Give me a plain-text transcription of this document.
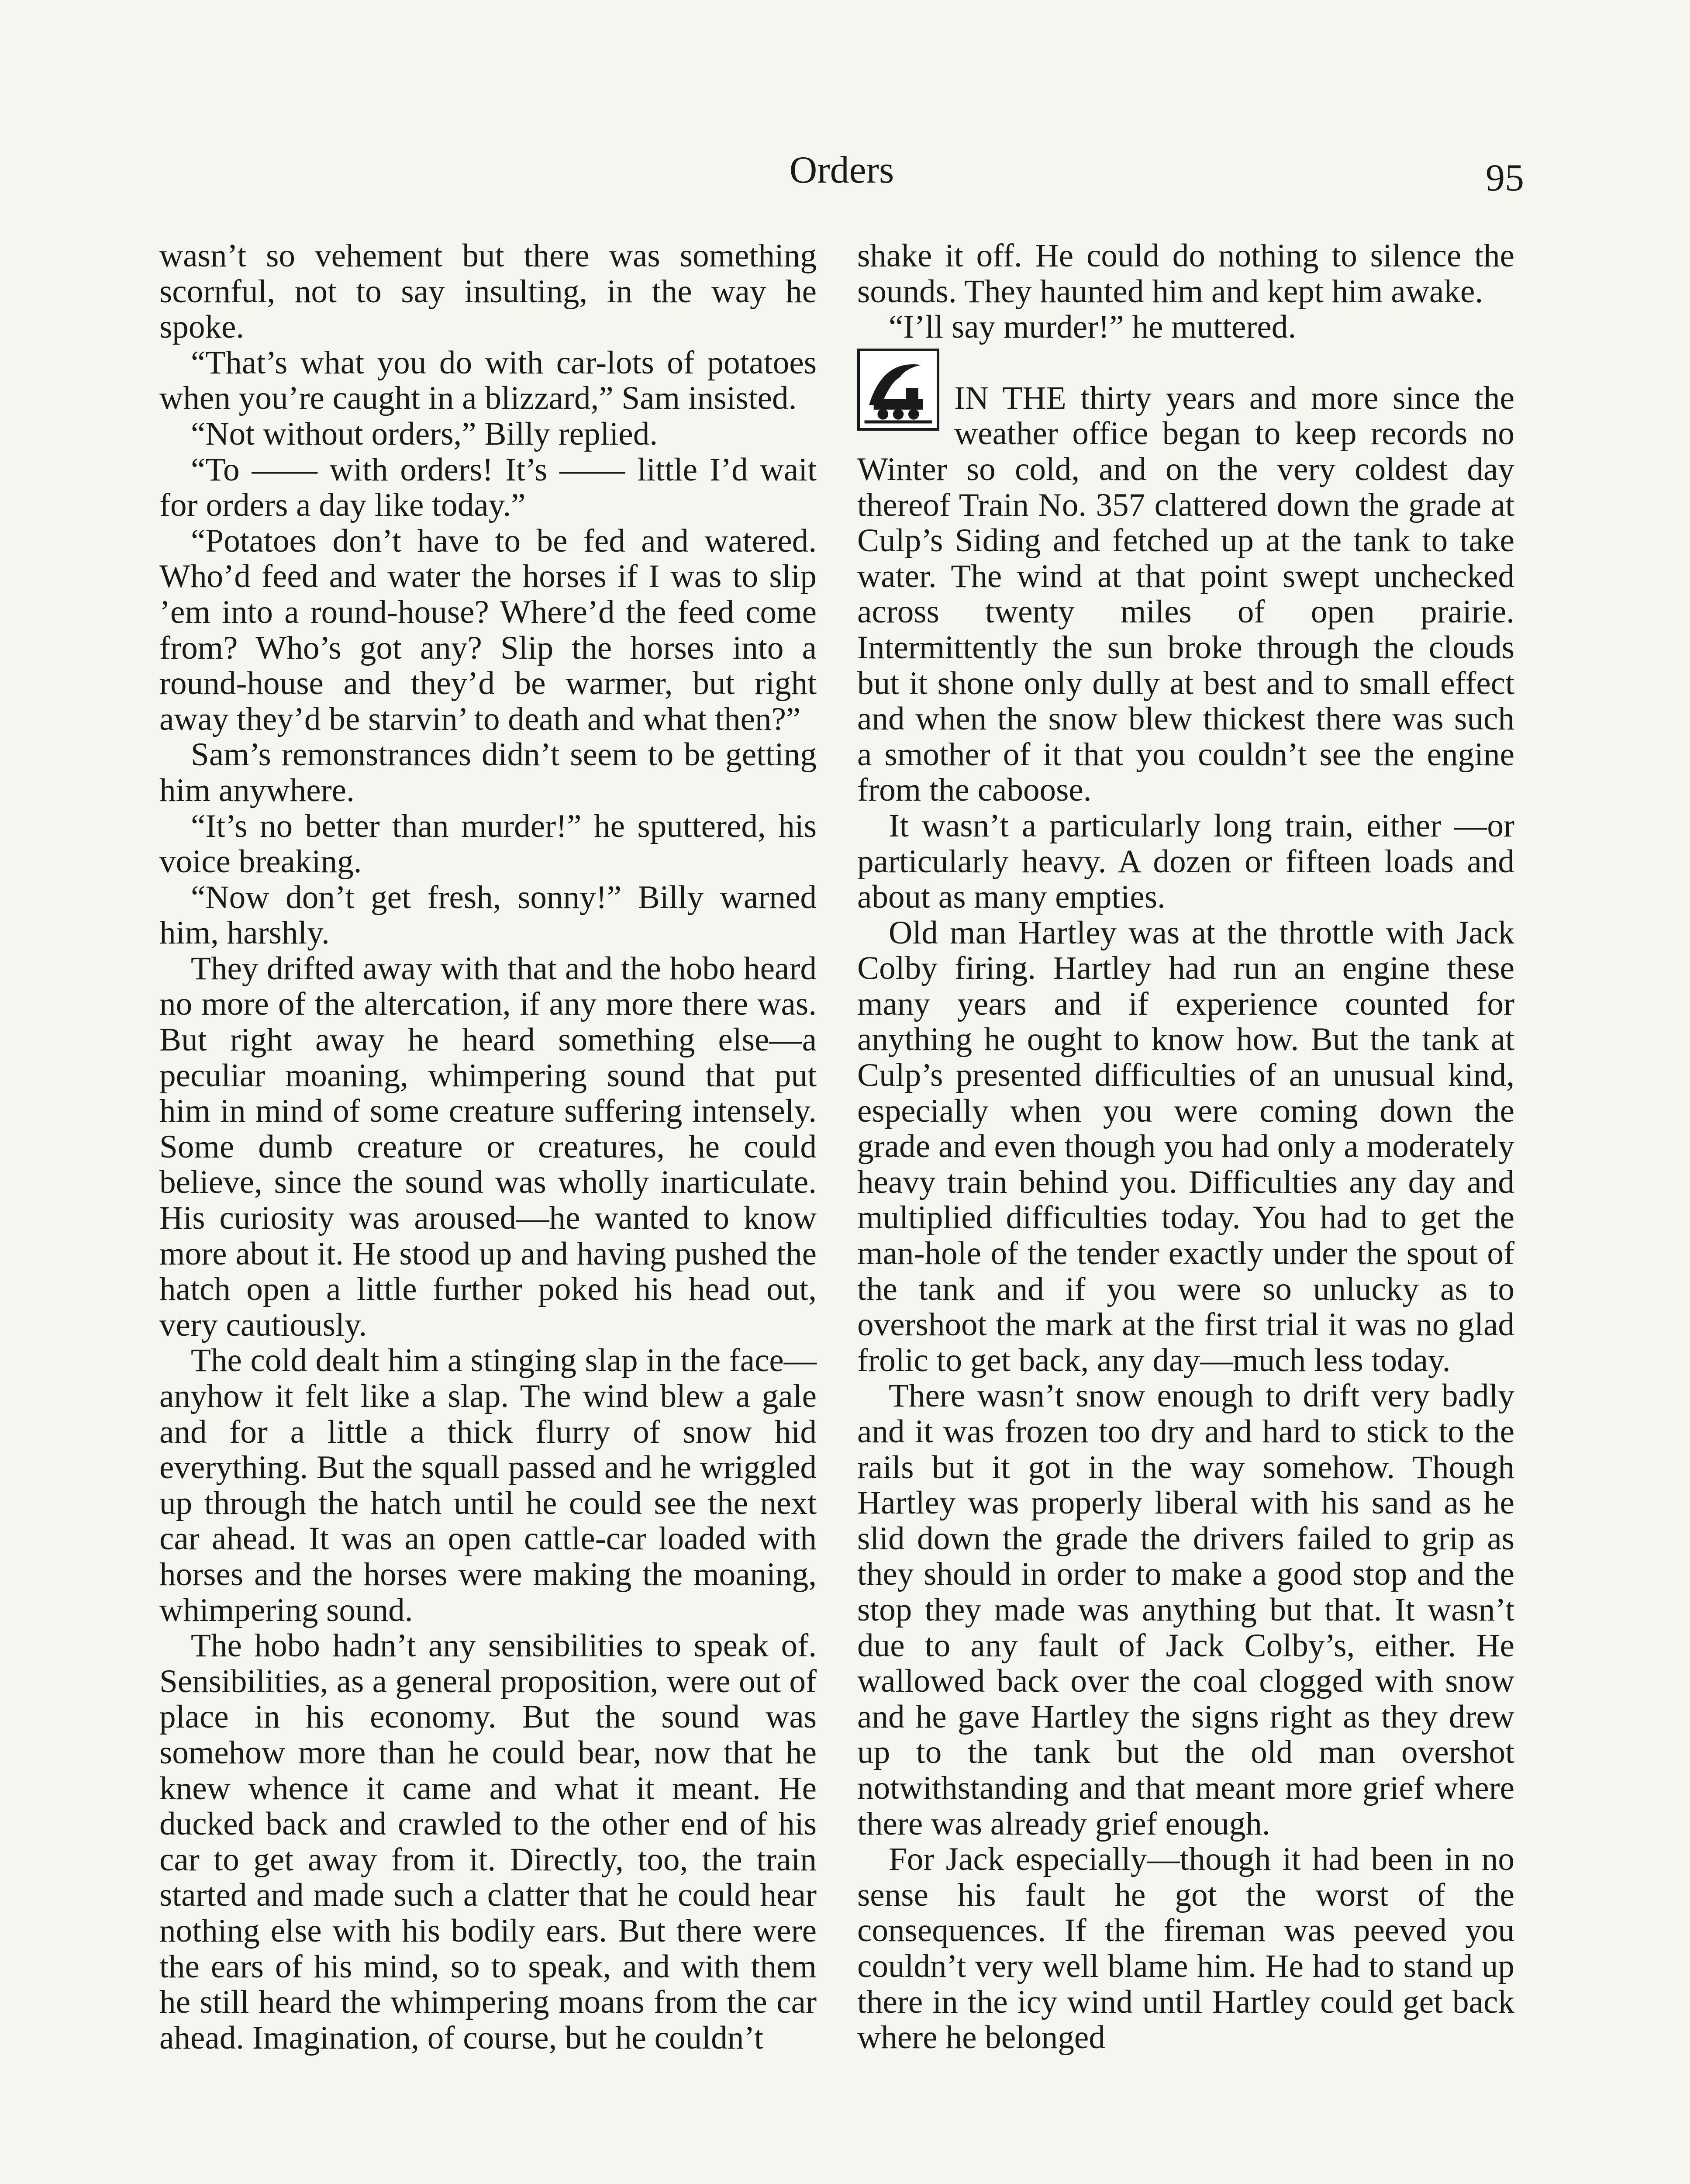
Orders	95

wasn’t so vehement but there was something scornful, not to say insulting, in the way he spoke.

“That’s what you do with car-lots of potatoes when you’re caught in a blizzard,” Sam insisted.

“Not without orders,” Billy replied.

“To —— with orders! It’s —— little I’d wait for orders a day like today.”

“Potatoes don’t have to be fed and watered. Who’d feed and water the horses if I was to slip ’em into a round-house? Where’d the feed come from? Who’s got any? Slip the horses into a round-house and they’d be warmer, but right away they’d be starvin’ to death and what then?”

Sam’s remonstrances didn’t seem to be getting him anywhere.

“It’s no better than murder!” he sputtered, his voice breaking.

“Now don’t get fresh, sonny!” Billy warned him, harshly.

They drifted away with that and the hobo heard no more of the altercation, if any more there was. But right away he heard something else—a peculiar moaning, whimpering sound that put him in mind of some creature suffering intensely. Some dumb creature or creatures, he could believe, since the sound was wholly inarticulate. His curiosity was aroused—he wanted to know more about it. He stood up and having pushed the hatch open a little further poked his head out, very cautiously.

The cold dealt him a stinging slap in the face—anyhow it felt like a slap. The wind blew a gale and for a little a thick flurry of snow hid everything. But the squall passed and he wriggled up through the hatch until he could see the next car ahead. It was an open cattle-car loaded with horses and the horses were making the moaning, whimpering sound.

The hobo hadn’t any sensibilities to speak of. Sensibilities, as a general proposition, were out of place in his economy. But the sound was somehow more than he could bear, now that he knew whence it came and what it meant. He ducked back and crawled to the other end of his car to get away from it. Directly, too, the train started and made such a clatter that he could hear nothing else with his bodily ears. But there were the ears of his mind, so to speak, and with them he still heard the whimpering moans from the car ahead. Imagination, of course, but he couldn’t

shake it off. He could do nothing to silence the sounds. They haunted him and kept him awake.

“I’ll say murder!” he muttered.

IN THE thirty years and more since the weather office began to keep records no Winter so cold, and on the very coldest day thereof Train No. 357 clattered down the grade at Culp’s Siding and fetched up at the tank to take water. The wind at that point swept unchecked across twenty miles of open prairie. Intermittently the sun broke through the clouds but it shone only dully at best and to small effect and when the snow blew thickest there was such a smother of it that you couldn’t see the engine from the caboose.

It wasn’t a particularly long train, either —or particularly heavy. A dozen or fifteen loads and about as many empties.

Old man Hartley was at the throttle with Jack Colby firing. Hartley had run an engine these many years and if experience counted for anything he ought to know how. But the tank at Culp’s presented difficulties of an unusual kind, especially when you were coming down the grade and even though you had only a moderately heavy train behind you. Difficulties any day and multiplied difficulties today. You had to get the man-hole of the tender exactly under the spout of the tank and if you were so unlucky as to overshoot the mark at the first trial it was no glad frolic to get back, any day—much less today.

There wasn’t snow enough to drift very badly and it was frozen too dry and hard to stick to the rails but it got in the way somehow. Though Hartley was properly liberal with his sand as he slid down the grade the drivers failed to grip as they should in order to make a good stop and the stop they made was anything but that. It wasn’t due to any fault of Jack Colby’s, either. He wallowed back over the coal clogged with snow and he gave Hartley the signs right as they drew up to the tank but the old man overshot notwithstanding and that meant more grief where there was already grief enough.

For Jack especially—though it had been in no sense his fault he got the worst of the consequences. If the fireman was peeved you couldn’t very well blame him. He had to stand up there in the icy wind until Hartley could get back where he belonged
